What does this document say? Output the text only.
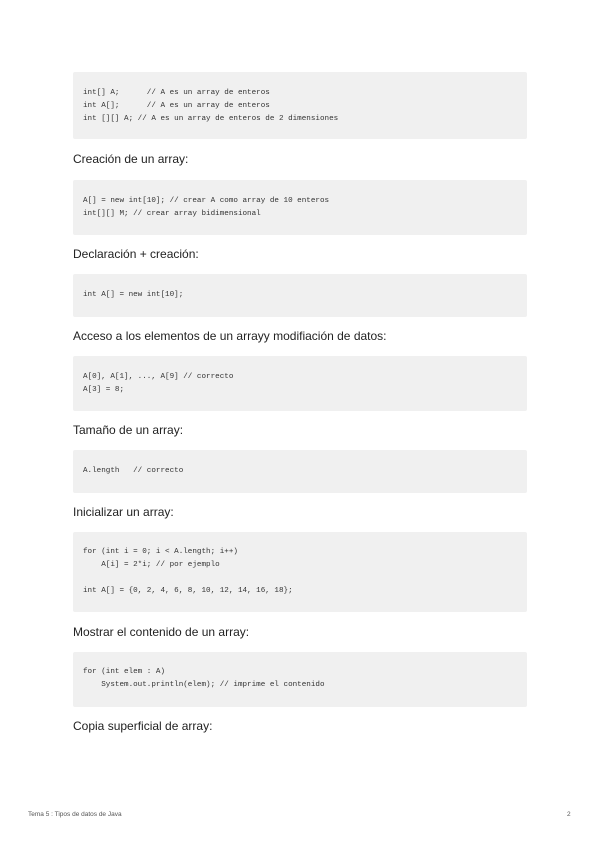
int[] A;      // A es un array de enteros
int A[];      // A es un array de enteros
int [][] A; // A es un array de enteros de 2 dimensiones
Creación de un array:
A[] = new int[10]; // crear A como array de 10 enteros
int[][] M; // crear array bidimensional
Declaración + creación:
int A[] = new int[10];
Acceso a los elementos de un arrayy modifiación de datos:
A[0], A[1], ..., A[9] // correcto
A[3] = 8;
Tamaño de un array:
A.length   // correcto
Inicializar un array:
for (int i = 0; i < A.length; i++)
A[i] = 2*i; // por ejemplo

int A[] = {0, 2, 4, 6, 8, 10, 12, 14, 16, 18};
Mostrar el contenido de un array:
for (int elem : A)
System.out.println(elem); // imprime el contenido
Copia superficial de array:
Tema 5 : Tipos de datos de Java	2
